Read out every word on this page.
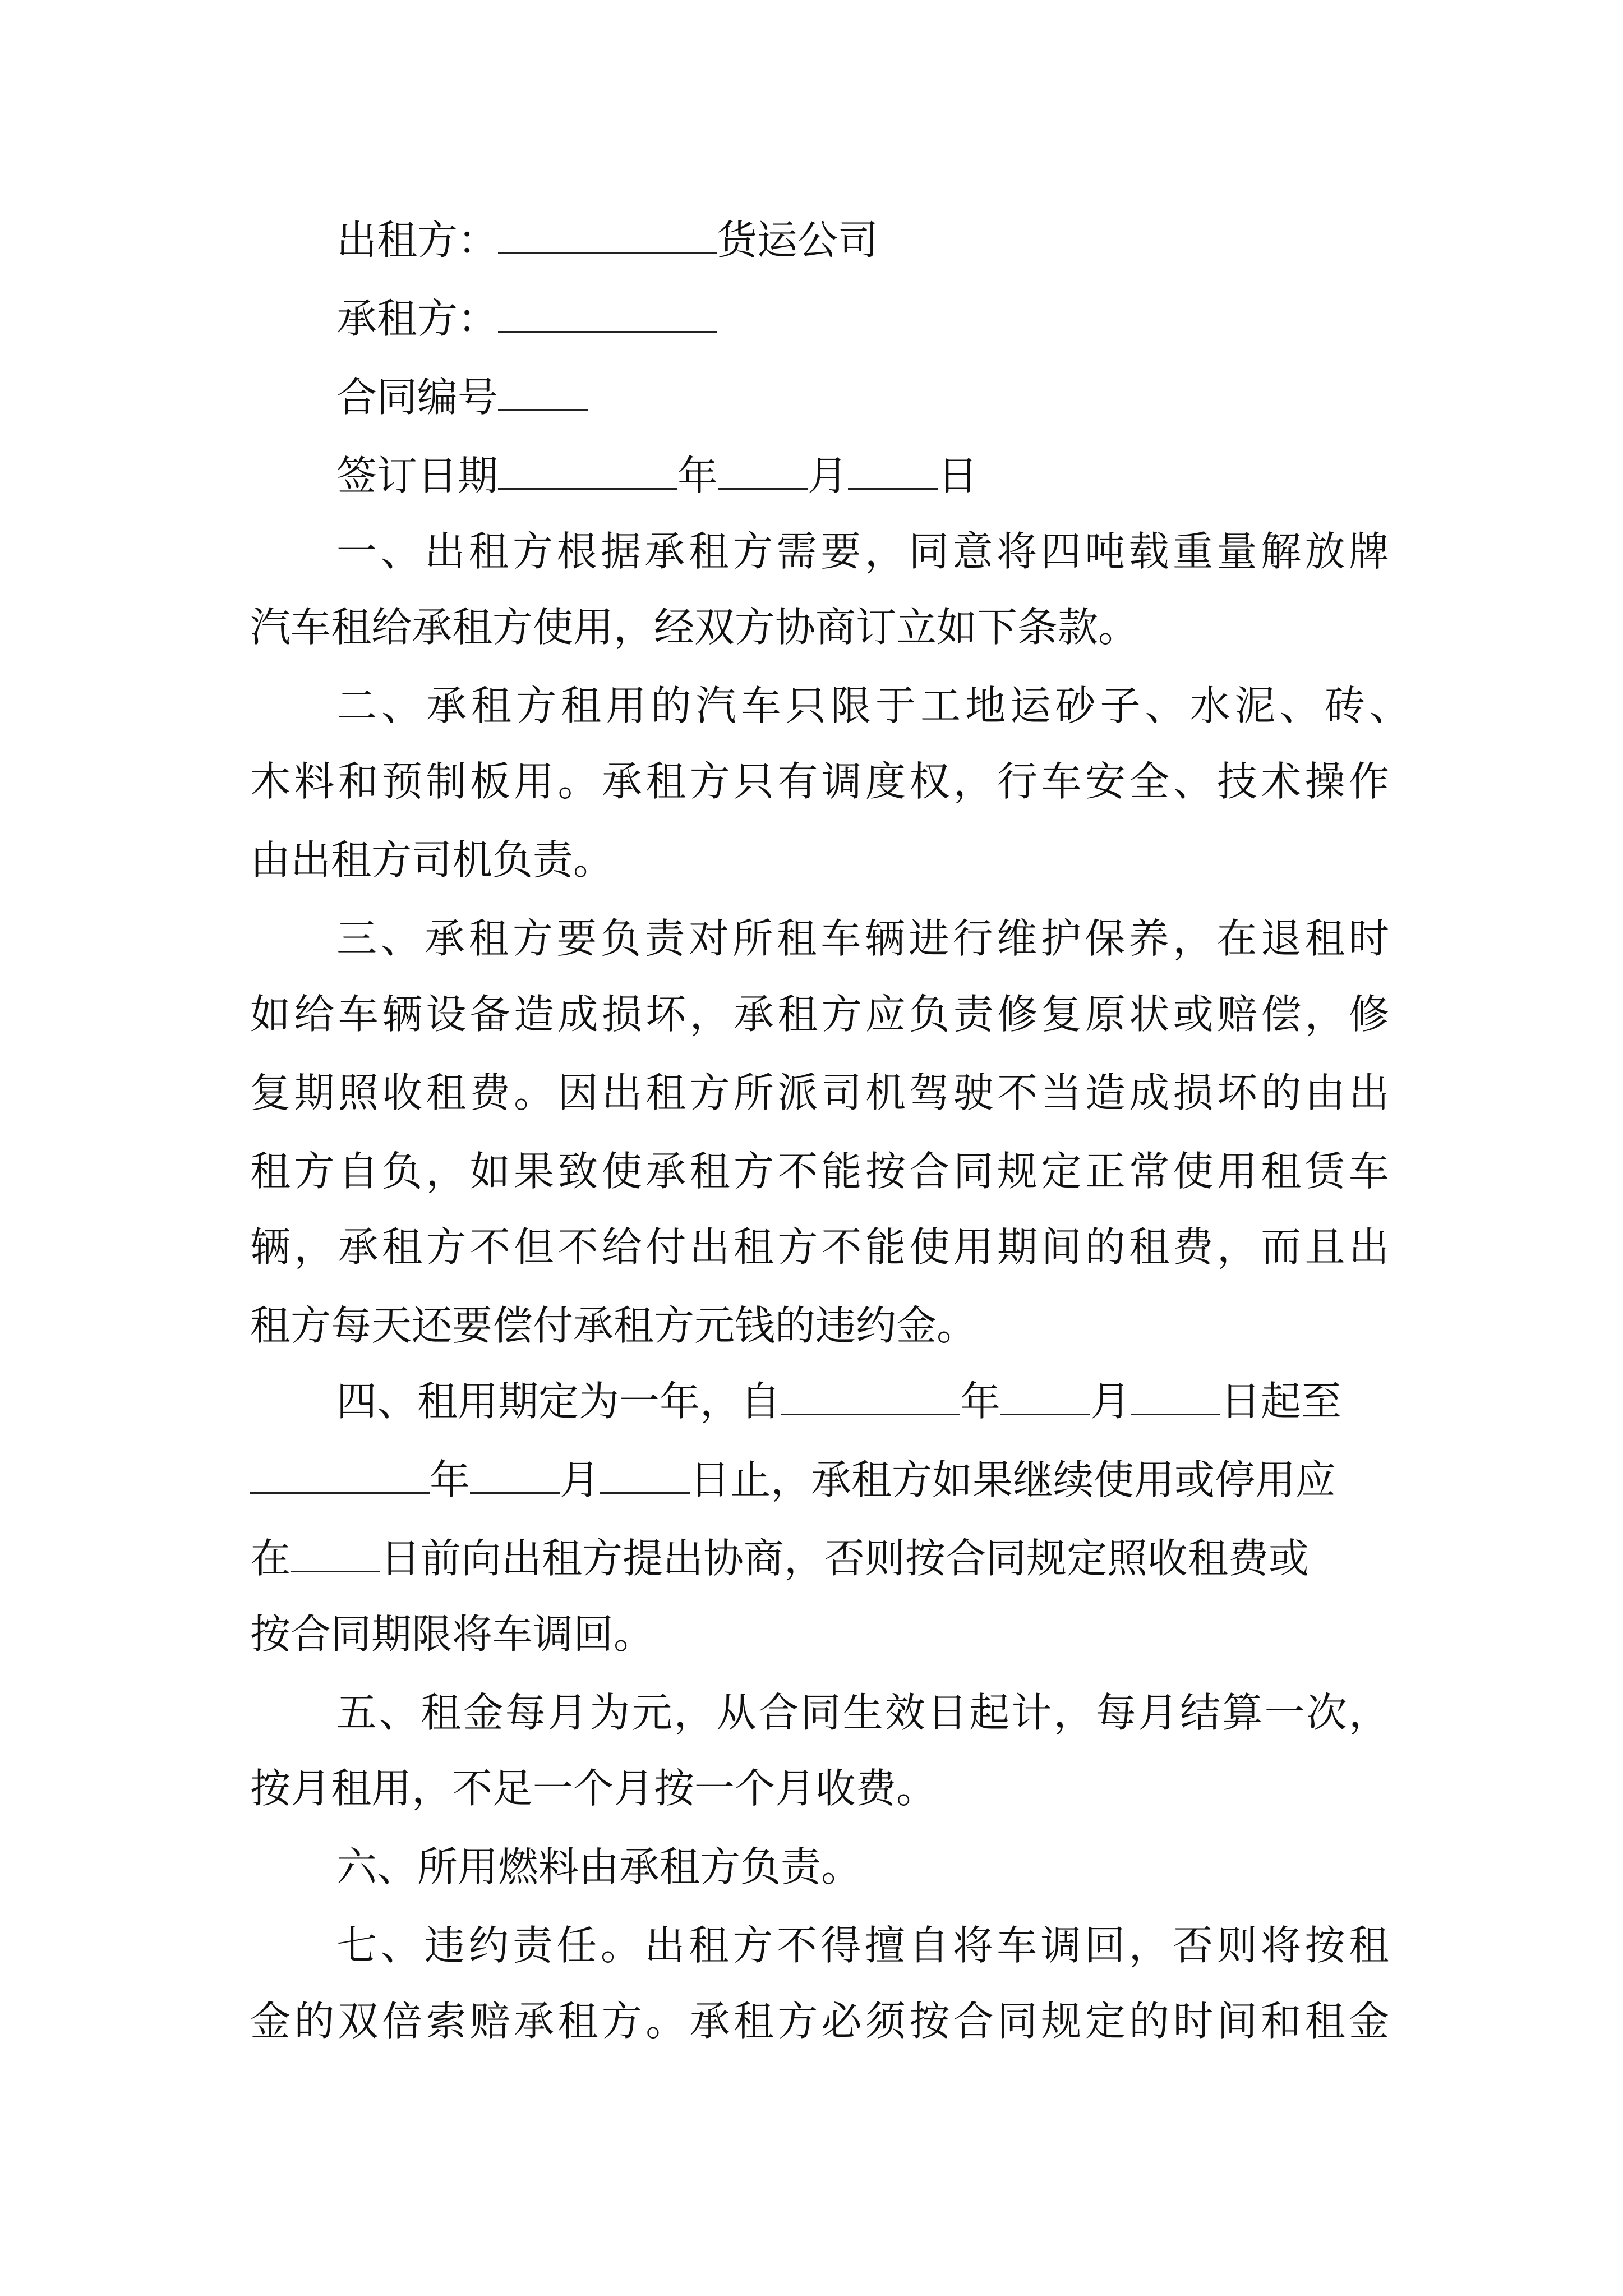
出租方：	货运公司
承租方：
合同编号
签订日期	年 月 日
一、出租方根据承租方需要，同意将四吨载重量解放牌
汽车租给承租方使用，经双方协商订立如下条款。
二、承租方租用的汽车只限于工地运砂子、水泥、砖、
木料和预制板用。承租方只有调度权，行车安全、技术操作
由出租方司机负责。
三、承租方要负责对所租车辆进行维护保养，在退租时
如给车辆设备造成损坏，承租方应负责修复原状或赔偿，修
复期照收租费。因出租方所派司机驾驶不当造成损坏的由出
租方自负，如果致使承租方不能按合同规定正常使用租赁车
辆，承租方不但不给付出租方不能使用期间的租费，而且出
租方每天还要偿付承租方元钱的违约金。
四、租用期定为一年，自	年 月 日起至
年 月 日止，承租方如果继续使用或停用应
在 日前向出租方提出协商，否则按合同规定照收租费或
按合同期限将车调回。
五、租金每月为元，从合同生效日起计，每月结算一次，
按月租用，不足一个月按一个月收费。
六、所用燃料由承租方负责。
七、违约责任。出租方不得擅自将车调回，否则将按租
金的双倍索赔承租方。承租方必须按合同规定的时间和租金
